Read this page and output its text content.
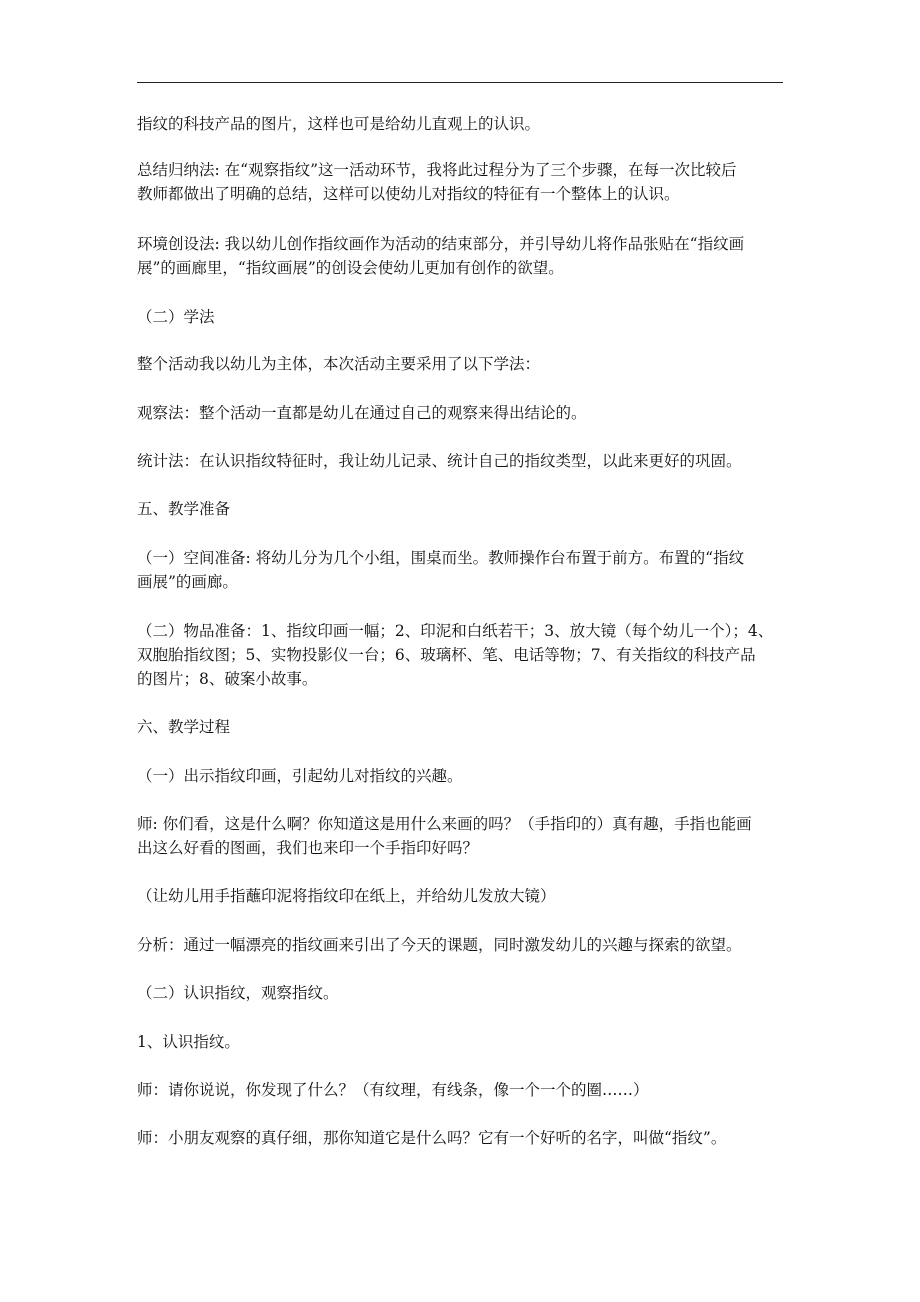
指纹的科技产品的图片，这样也可是给幼儿直观上的认识。
总结归纳法: 在“观察指纹”这一活动环节，我将此过程分为了三个步骤，在每一次比较后
教师都做出了明确的总结，这样可以使幼儿对指纹的特征有一个整体上的认识。
环境创设法: 我以幼儿创作指纹画作为活动的结束部分，并引导幼儿将作品张贴在“指纹画
展”的画廊里，“指纹画展”的创设会使幼儿更加有创作的欲望。
（二）学法
整个活动我以幼儿为主体，本次活动主要采用了以下学法：
观察法：整个活动一直都是幼儿在通过自己的观察来得出结论的。
统计法：在认识指纹特征时，我让幼儿记录、统计自己的指纹类型，以此来更好的巩固。
五、教学准备
（一）空间准备: 将幼儿分为几个小组，围桌而坐。教师操作台布置于前方。布置的“指纹
画展”的画廊。
（二）物品准备：1、指纹印画一幅；2、印泥和白纸若干；3、放大镜（每个幼儿一个）；4、
双胞胎指纹图；5、实物投影仪一台；6、玻璃杯、笔、电话等物；7、有关指纹的科技产品
的图片；8、破案小故事。
六、教学过程
（一）出示指纹印画，引起幼儿对指纹的兴趣。
师: 你们看，这是什么啊？你知道这是用什么来画的吗？（手指印的）真有趣，手指也能画
出这么好看的图画，我们也来印一个手指印好吗？
（让幼儿用手指蘸印泥将指纹印在纸上，并给幼儿发放大镜）
分析：通过一幅漂亮的指纹画来引出了今天的课题，同时激发幼儿的兴趣与探索的欲望。
（二）认识指纹，观察指纹。
1、认识指纹。
师：请你说说，你发现了什么？（有纹理，有线条，像一个一个的圈……）
师：小朋友观察的真仔细，那你知道它是什么吗？它有一个好听的名字，叫做“指纹”。
